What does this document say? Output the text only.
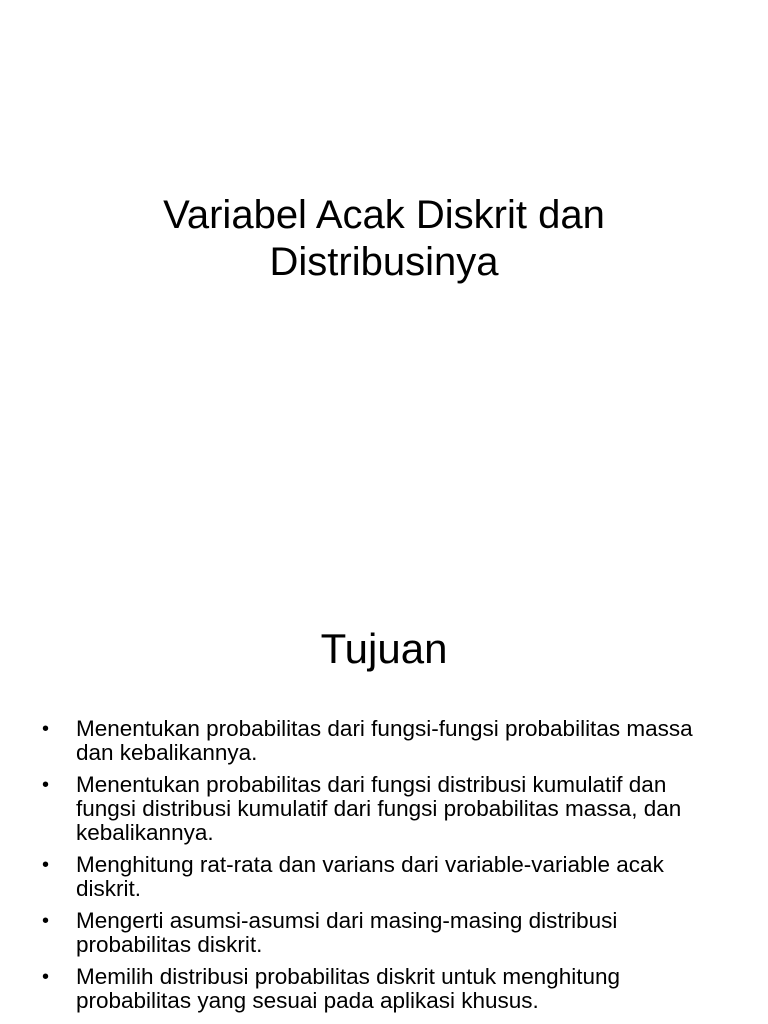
Variabel Acak Diskrit dan
Distribusinya
Tujuan
• Menentukan probabilitas dari fungsi-fungsi probabilitas massa dan kebalikannya.
• Menentukan probabilitas dari fungsi distribusi kumulatif dan fungsi distribusi kumulatif dari fungsi probabilitas massa, dan kebalikannya.
• Menghitung rat-rata dan varians dari variable-variable acak diskrit.
• Mengerti asumsi-asumsi dari masing-masing distribusi probabilitas diskrit.
• Memilih distribusi probabilitas diskrit untuk menghitung probabilitas yang sesuai pada aplikasi khusus.
